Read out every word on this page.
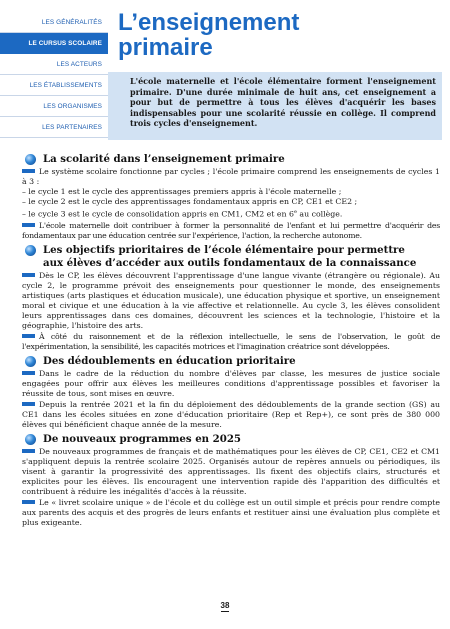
LES GÉNÉRALITÉS
LE CURSUS SCOLAIRE
LES ACTEURS
LES ÉTABLISSEMENTS
LES ORGANISMES
LES PARTENAIRES
L’enseignement
primaire
L'école maternelle et l'école élémentaire forment l'enseignement primaire. D'une durée minimale de huit ans, cet enseignement a pour but de permettre à tous les élèves d'acquérir les bases indispensables pour une scolarité réussie en collège. Il comprend trois cycles d'enseignement.
La scolarité dans l’enseignement primaire

Le système scolaire fonctionne par cycles ; l'école primaire comprend les enseignements de cycles 1 à 3 :

– le cycle 1 est le cycle des apprentissages premiers appris à l'école maternelle ;

– le cycle 2 est le cycle des apprentissages fondamentaux appris en CP, CE1 et CE2 ;

– le cycle 3 est le cycle de consolidation appris en CM1, CM2 et en 6e au collège.

L'école maternelle doit contribuer à former la personnalité de l'enfant et lui permettre d'acquérir des fondamentaux par une éducation centrée sur l'expérience, l'action, la recherche autonome.

Les objectifs prioritaires de l’école élémentaire pour permettre
aux élèves d’accéder aux outils fondamentaux de la connaissance

Dès le CP, les élèves découvrent l'apprentissage d'une langue vivante (étrangère ou régionale). Au cycle 2, le programme prévoit des enseignements pour questionner le monde, des enseignements artistiques (arts plastiques et éducation musicale), une éducation physique et sportive, un enseignement moral et civique et une éducation à la vie affective et relationnelle. Au cycle 3, les élèves consolident leurs apprentissages dans ces domaines, découvrent les sciences et la technologie, l'histoire et la géographie, l'histoire des arts.

À côté du raisonnement et de la réflexion intellectuelle, le sens de l'observation, le goût de l'expérimentation, la sensibilité, les capacités motrices et l'imagination créatrice sont développées.

Des dédoublements en éducation prioritaire

Dans le cadre de la réduction du nombre d'élèves par classe, les mesures de justice sociale engagées pour offrir aux élèves les meilleures conditions d'apprentissage possibles et favoriser la réussite de tous, sont mises en œuvre.

Depuis la rentrée 2021 et la fin du déploiement des dédoublements de la grande section (GS) au CE1 dans les écoles situées en zone d'éducation prioritaire (Rep et Rep+), ce sont près de 380 000 élèves qui bénéficient chaque année de la mesure.

De nouveaux programmes en 2025

De nouveaux programmes de français et de mathématiques pour les élèves de CP, CE1, CE2 et CM1 s'appliquent depuis la rentrée scolaire 2025. Organisés autour de repères annuels ou périodiques, ils visent à garantir la progressivité des apprentissages. Ils fixent des objectifs clairs, structurés et explicites pour les élèves. Ils encouragent une intervention rapide dès l'apparition des difficultés et contribuent à réduire les inégalités d'accès à la réussite.

Le « livret scolaire unique » de l'école et du collège est un outil simple et précis pour rendre compte aux parents des acquis et des progrès de leurs enfants et restituer ainsi une évaluation plus complète et plus exigeante.

38
